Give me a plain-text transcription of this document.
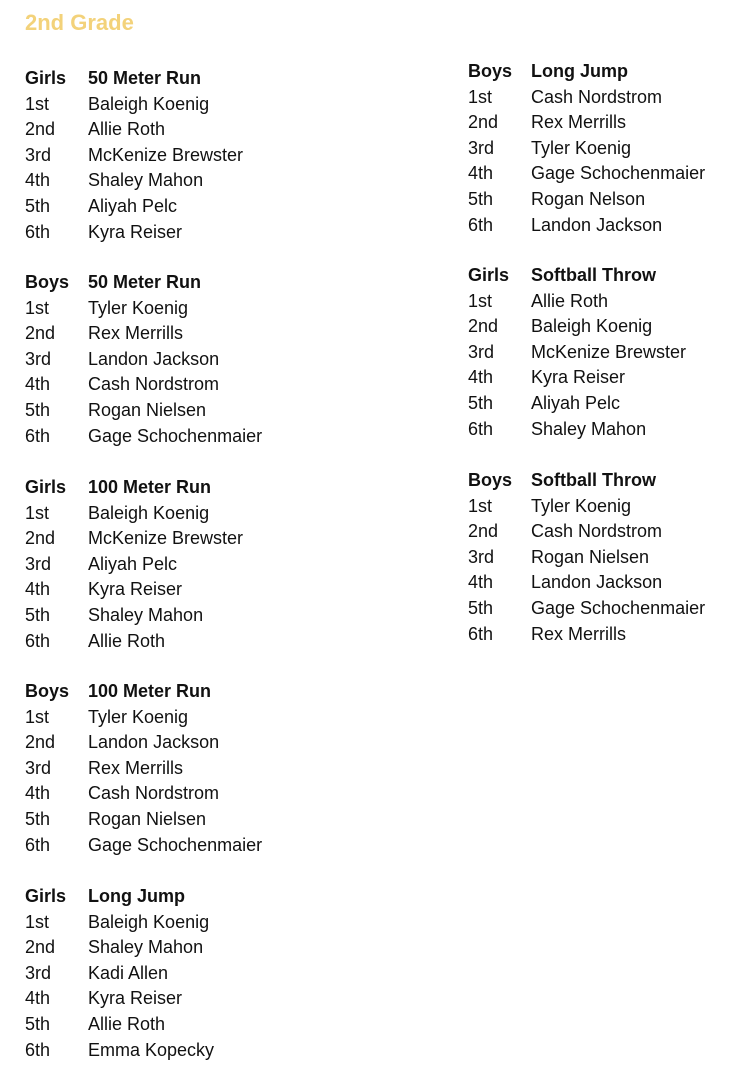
2nd Grade
Girls 50 Meter Run
1st Baleigh Koenig
2nd Allie Roth
3rd McKenize Brewster
4th Shaley Mahon
5th Aliyah Pelc
6th Kyra Reiser
Boys 50 Meter Run
1st Tyler Koenig
2nd Rex Merrills
3rd Landon Jackson
4th Cash Nordstrom
5th Rogan Nielsen
6th Gage Schochenmaier
Girls 100 Meter Run
1st Baleigh Koenig
2nd McKenize Brewster
3rd Aliyah Pelc
4th Kyra Reiser
5th Shaley Mahon
6th Allie Roth
Boys 100 Meter Run
1st Tyler Koenig
2nd Landon Jackson
3rd Rex Merrills
4th Cash Nordstrom
5th Rogan Nielsen
6th Gage Schochenmaier
Girls Long Jump
1st Baleigh Koenig
2nd Shaley Mahon
3rd Kadi Allen
4th Kyra Reiser
5th Allie Roth
6th Emma Kopecky
Boys Long Jump
1st Cash Nordstrom
2nd Rex Merrills
3rd Tyler Koenig
4th Gage Schochenmaier
5th Rogan Nelson
6th Landon Jackson
Girls Softball Throw
1st Allie Roth
2nd Baleigh Koenig
3rd McKenize Brewster
4th Kyra Reiser
5th Aliyah Pelc
6th Shaley Mahon
Boys Softball Throw
1st Tyler Koenig
2nd Cash Nordstrom
3rd Rogan Nielsen
4th Landon Jackson
5th Gage Schochenmaier
6th Rex Merrills
